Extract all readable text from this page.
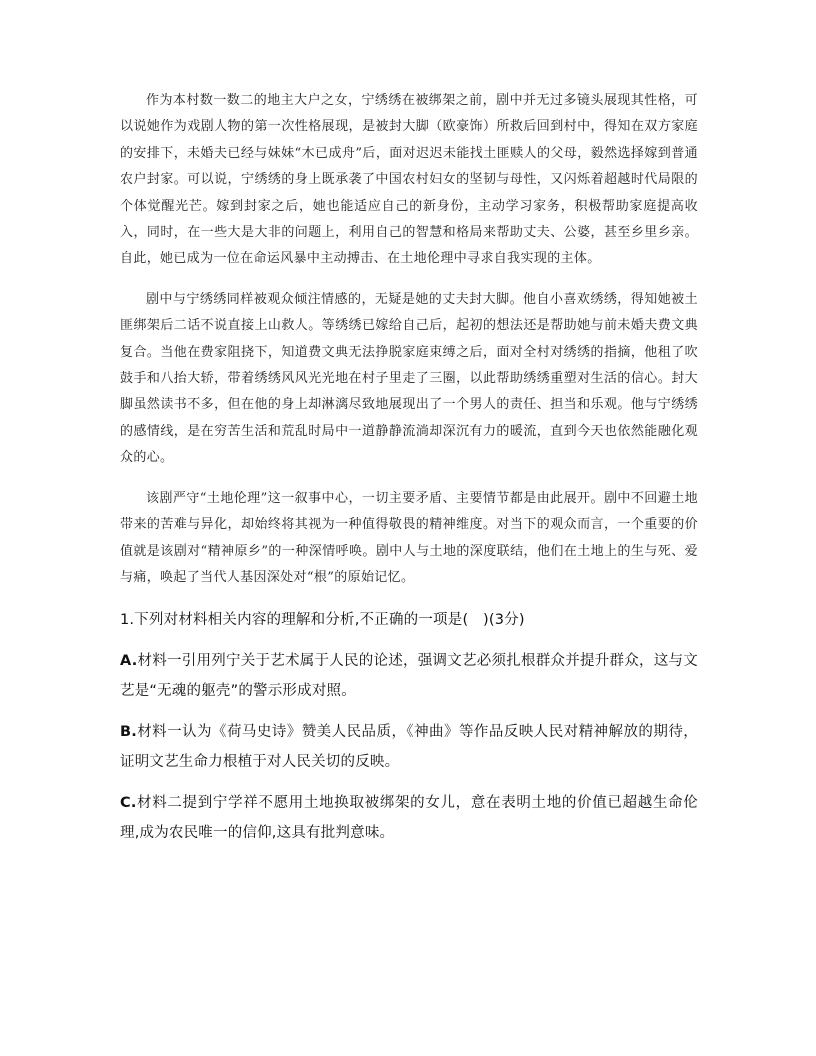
作为本村数一数二的地主大户之女，宁绣绣在被绑架之前，剧中并无过多镜头展现其性格，可以说她作为戏剧人物的第一次性格展现，是被封大脚（欧豪饰）所救后回到村中，得知在双方家庭的安排下，未婚夫已经与妹妹“木已成舟”后，面对迟迟未能找土匪赎人的父母，毅然选择嫁到普通农户封家。可以说，宁绣绣的身上既承袭了中国农村妇女的坚韧与母性，又闪烁着超越时代局限的个体觉醒光芒。嫁到封家之后，她也能适应自己的新身份，主动学习家务，积极帮助家庭提高收入，同时，在一些大是大非的问题上，利用自己的智慧和格局来帮助丈夫、公婆，甚至乡里乡亲。自此，她已成为一位在命运风暴中主动搏击、在土地伦理中寻求自我实现的主体。

剧中与宁绣绣同样被观众倾注情感的，无疑是她的丈夫封大脚。他自小喜欢绣绣，得知她被土匪绑架后二话不说直接上山救人。等绣绣已嫁给自己后，起初的想法还是帮助她与前未婚夫费文典复合。当他在费家阻挠下，知道费文典无法挣脱家庭束缚之后，面对全村对绣绣的指摘，他租了吹鼓手和八抬大轿，带着绣绣风风光光地在村子里走了三圈，以此帮助绣绣重塑对生活的信心。封大脚虽然读书不多，但在他的身上却淋漓尽致地展现出了一个男人的责任、担当和乐观。他与宁绣绣的感情线，是在穷苦生活和荒乱时局中一道静静流淌却深沉有力的暖流，直到今天也依然能融化观众的心。

该剧严守“土地伦理”这一叙事中心，一切主要矛盾、主要情节都是由此展开。剧中不回避土地带来的苦难与异化，却始终将其视为一种值得敬畏的精神维度。对当下的观众而言，一个重要的价值就是该剧对“精神原乡”的一种深情呼唤。剧中人与土地的深度联结，他们在土地上的生与死、爱与痛，唤起了当代人基因深处对“根”的原始记忆。

1.下列对材料相关内容的理解和分析,不正确的一项是(　)(3分)

A.材料一引用列宁关于艺术属于人民的论述，强调文艺必须扎根群众并提升群众，这与文艺是“无魂的躯壳”的警示形成对照。

B.材料一认为《荷马史诗》赞美人民品质，《神曲》等作品反映人民对精神解放的期待，证明文艺生命力根植于对人民关切的反映。

C.材料二提到宁学祥不愿用土地换取被绑架的女儿，意在表明土地的价值已超越生命伦理,成为农民唯一的信仰,这具有批判意味。
